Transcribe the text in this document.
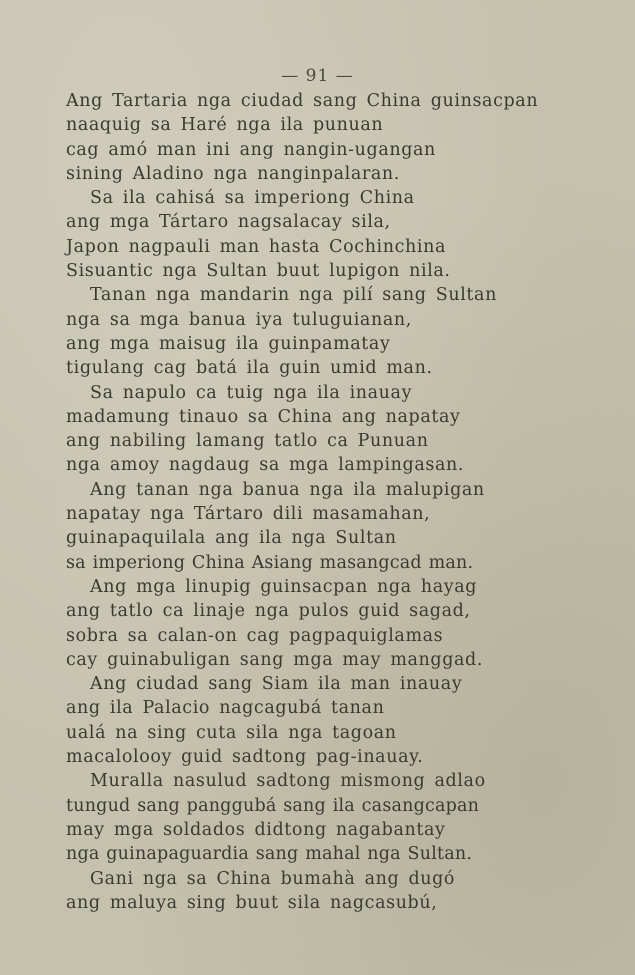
— 91 —
Ang Tartaria nga ciudad sang China guinsacpan
naaquig sa Haré nga ila punuan
cag amó man ini ang nangin-ugangan
sining Aladino nga nanginpalaran.
Sa ila cahisá sa imperiong China
ang mga Tártaro nagsalacay sila,
Japon nagpauli man hasta Cochinchina
Sisuantic nga Sultan buut lupigon nila.
Tanan nga mandarin nga pilí sang Sultan
nga sa mga banua iya tuluguianan,
ang mga maisug ila guinpamatay
tigulang cag batá ila guin umid man.
Sa napulo ca tuig nga ila inauay
madamung tinauo sa China ang napatay
ang nabiling lamang tatlo ca Punuan
nga amoy nagdaug sa mga lampingasan.
Ang tanan nga banua nga ila malupigan
napatay nga Tártaro dili masamahan,
guinapaquilala ang ila nga Sultan
sa imperiong China Asiang masangcad man.
Ang mga linupig guinsacpan nga hayag
ang tatlo ca linaje nga pulos guid sagad,
sobra sa calan-on cag pagpaquiglamas
cay guinabuligan sang mga may manggad.
Ang ciudad sang Siam ila man inauay
ang ila Palacio nagcagubá tanan
ualá na sing cuta sila nga tagoan
macalolooy guid sadtong pag-inauay.
Muralla nasulud sadtong mismong adlao
tungud sang panggubá sang ila casangcapan
may mga soldados didtong nagabantay
nga guinapaguardia sang mahal nga Sultan.
Gani nga sa China bumahà ang dugó
ang maluya sing buut sila nagcasubú,
